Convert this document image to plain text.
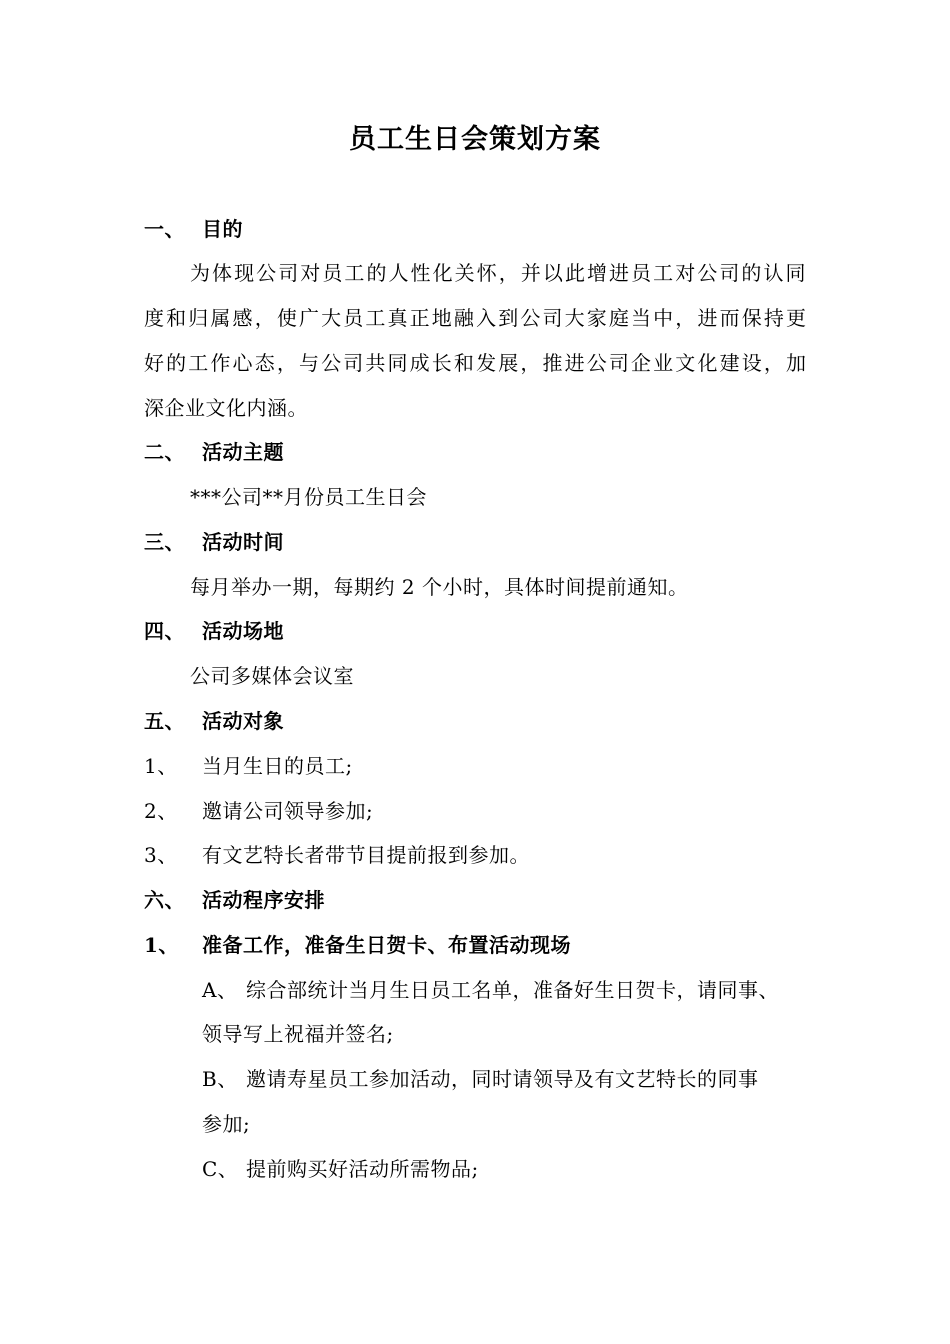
员工生日会策划方案
一、 目的
为体现公司对员工的人性化关怀，并以此增进员工对公司的认同
度和归属感，使广大员工真正地融入到公司大家庭当中，进而保持更
好的工作心态，与公司共同成长和发展，推进公司企业文化建设，加
深企业文化内涵。
二、 活动主题
***公司**月份员工生日会
三、 活动时间
每月举办一期，每期约 2 个小时，具体时间提前通知。
四、 活动场地
公司多媒体会议室
五、 活动对象
1、 当月生日的员工;
2、 邀请公司领导参加;
3、 有文艺特长者带节目提前报到参加。
六、 活动程序安排
1、 准备工作，准备生日贺卡、布置活动现场
A、 综合部统计当月生日员工名单，准备好生日贺卡，请同事、
领导写上祝福并签名;
B、 邀请寿星员工参加活动，同时请领导及有文艺特长的同事
参加;
C、 提前购买好活动所需物品;
